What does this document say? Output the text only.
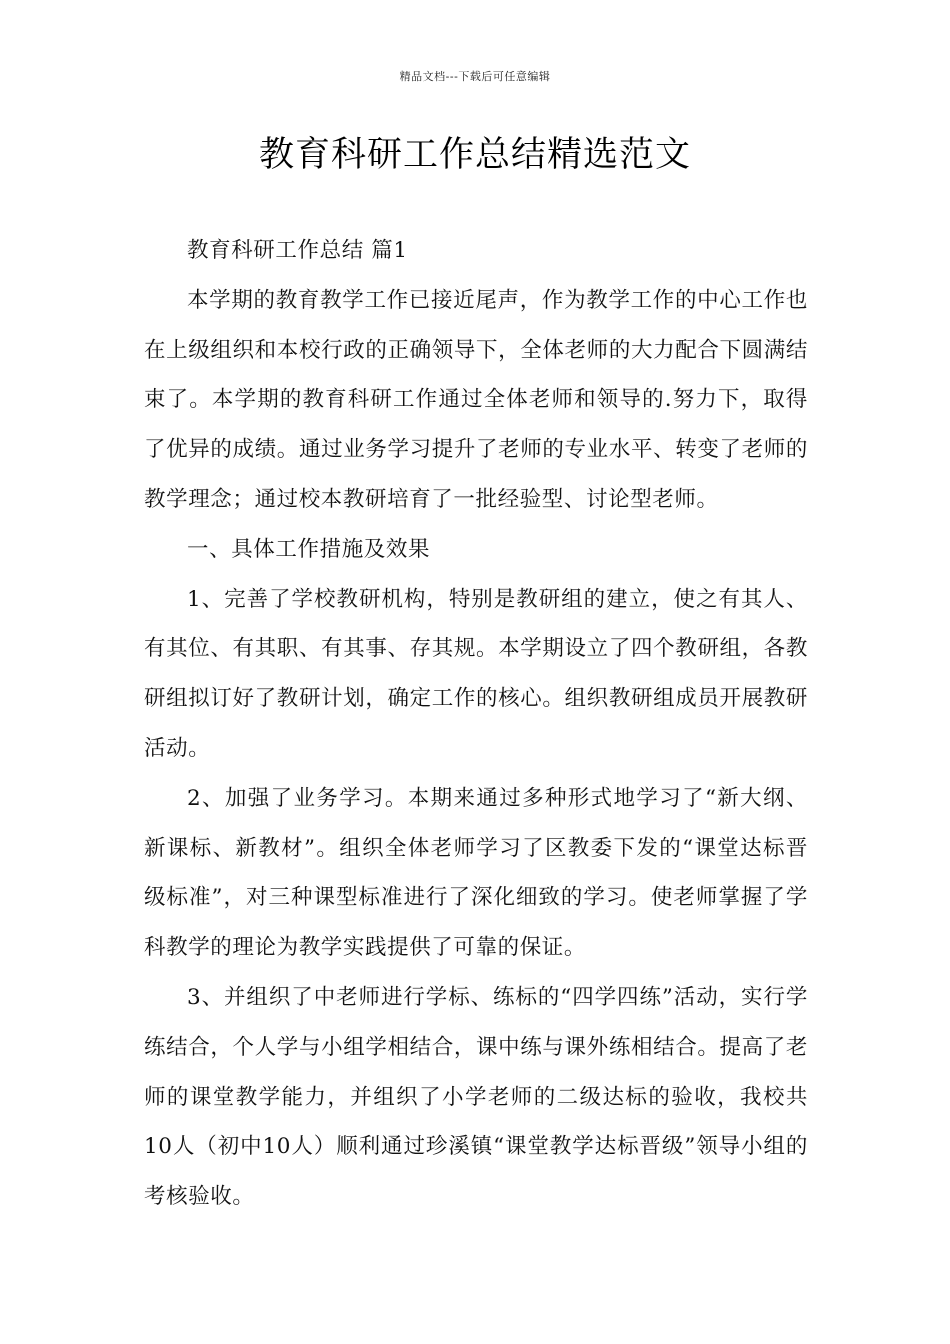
精品文档---下载后可任意编辑
教育科研工作总结精选范文

教育科研工作总结 篇1

本学期的教育教学工作已接近尾声，作为教学工作的中心工作也在上级组织和本校行政的正确领导下，全体老师的大力配合下圆满结束了。本学期的教育科研工作通过全体老师和领导的.努力下，取得了优异的成绩。通过业务学习提升了老师的专业水平、转变了老师的教学理念；通过校本教研培育了一批经验型、讨论型老师。

一、具体工作措施及效果

1、完善了学校教研机构，特别是教研组的建立，使之有其人、有其位、有其职、有其事、存其规。本学期设立了四个教研组，各教研组拟订好了教研计划，确定工作的核心。组织教研组成员开展教研活动。

2、加强了业务学习。本期来通过多种形式地学习了“新大纲、新课标、新教材”。组织全体老师学习了区教委下发的“课堂达标晋级标准”，对三种课型标准进行了深化细致的学习。使老师掌握了学科教学的理论为教学实践提供了可靠的保证。

3、并组织了中老师进行学标、练标的“四学四练”活动，实行学练结合，个人学与小组学相结合，课中练与课外练相结合。提高了老师的课堂教学能力，并组织了小学老师的二级达标的验收，我校共10人（初中10人）顺利通过珍溪镇“课堂教学达标晋级”领导小组的考核验收。
